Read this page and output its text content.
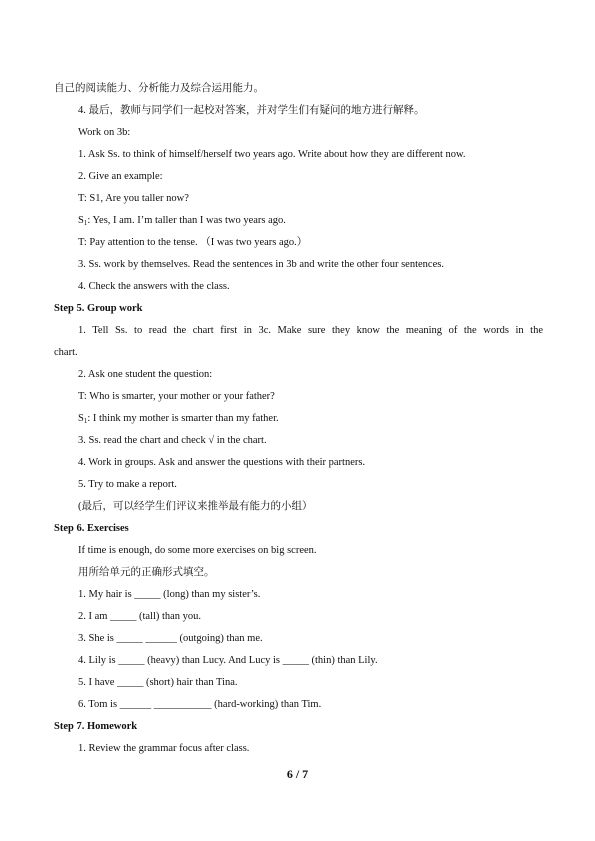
自己的阅读能力、分析能力及综合运用能力。
4. 最后，教师与同学们一起校对答案，并对学生们有疑问的地方进行解释。
Work on 3b:
1. Ask Ss. to think of himself/herself two years ago. Write about how they are different now.
2. Give an example:
T: S1, Are you taller now?
$S_1$: Yes, I am. I’m taller than I was two years ago.
T: Pay attention to the tense. （I was two years ago.）
3. Ss. work by themselves. Read the sentences in 3b and write the other four sentences.
4. Check the answers with the class.
Step 5. Group work
1. Tell Ss. to read the chart first in 3c. Make sure they know the meaning of the words in the
chart.
2. Ask one student the question:
T: Who is smarter, your mother or your father?
$S_1$: I think my mother is smarter than my father.
3. Ss. read the chart and check √ in the chart.
4. Work in groups. Ask and answer the questions with their partners.
5. Try to make a report.
(最后，可以经学生们评议来推举最有能力的小组）
Step 6. Exercises
If time is enough, do some more exercises on big screen.
用所给单元的正确形式填空。
1. My hair is _____ (long) than my sister’s.
2. I am _____ (tall) than you.
3. She is _____ ______ (outgoing) than me.
4. Lily is _____ (heavy) than Lucy. And Lucy is _____ (thin) than Lily.
5. I have _____ (short) hair than Tina.
6. Tom is ______ ___________ (hard-working) than Tim.
Step 7. Homework
1. Review the grammar focus after class.
6 / 7
